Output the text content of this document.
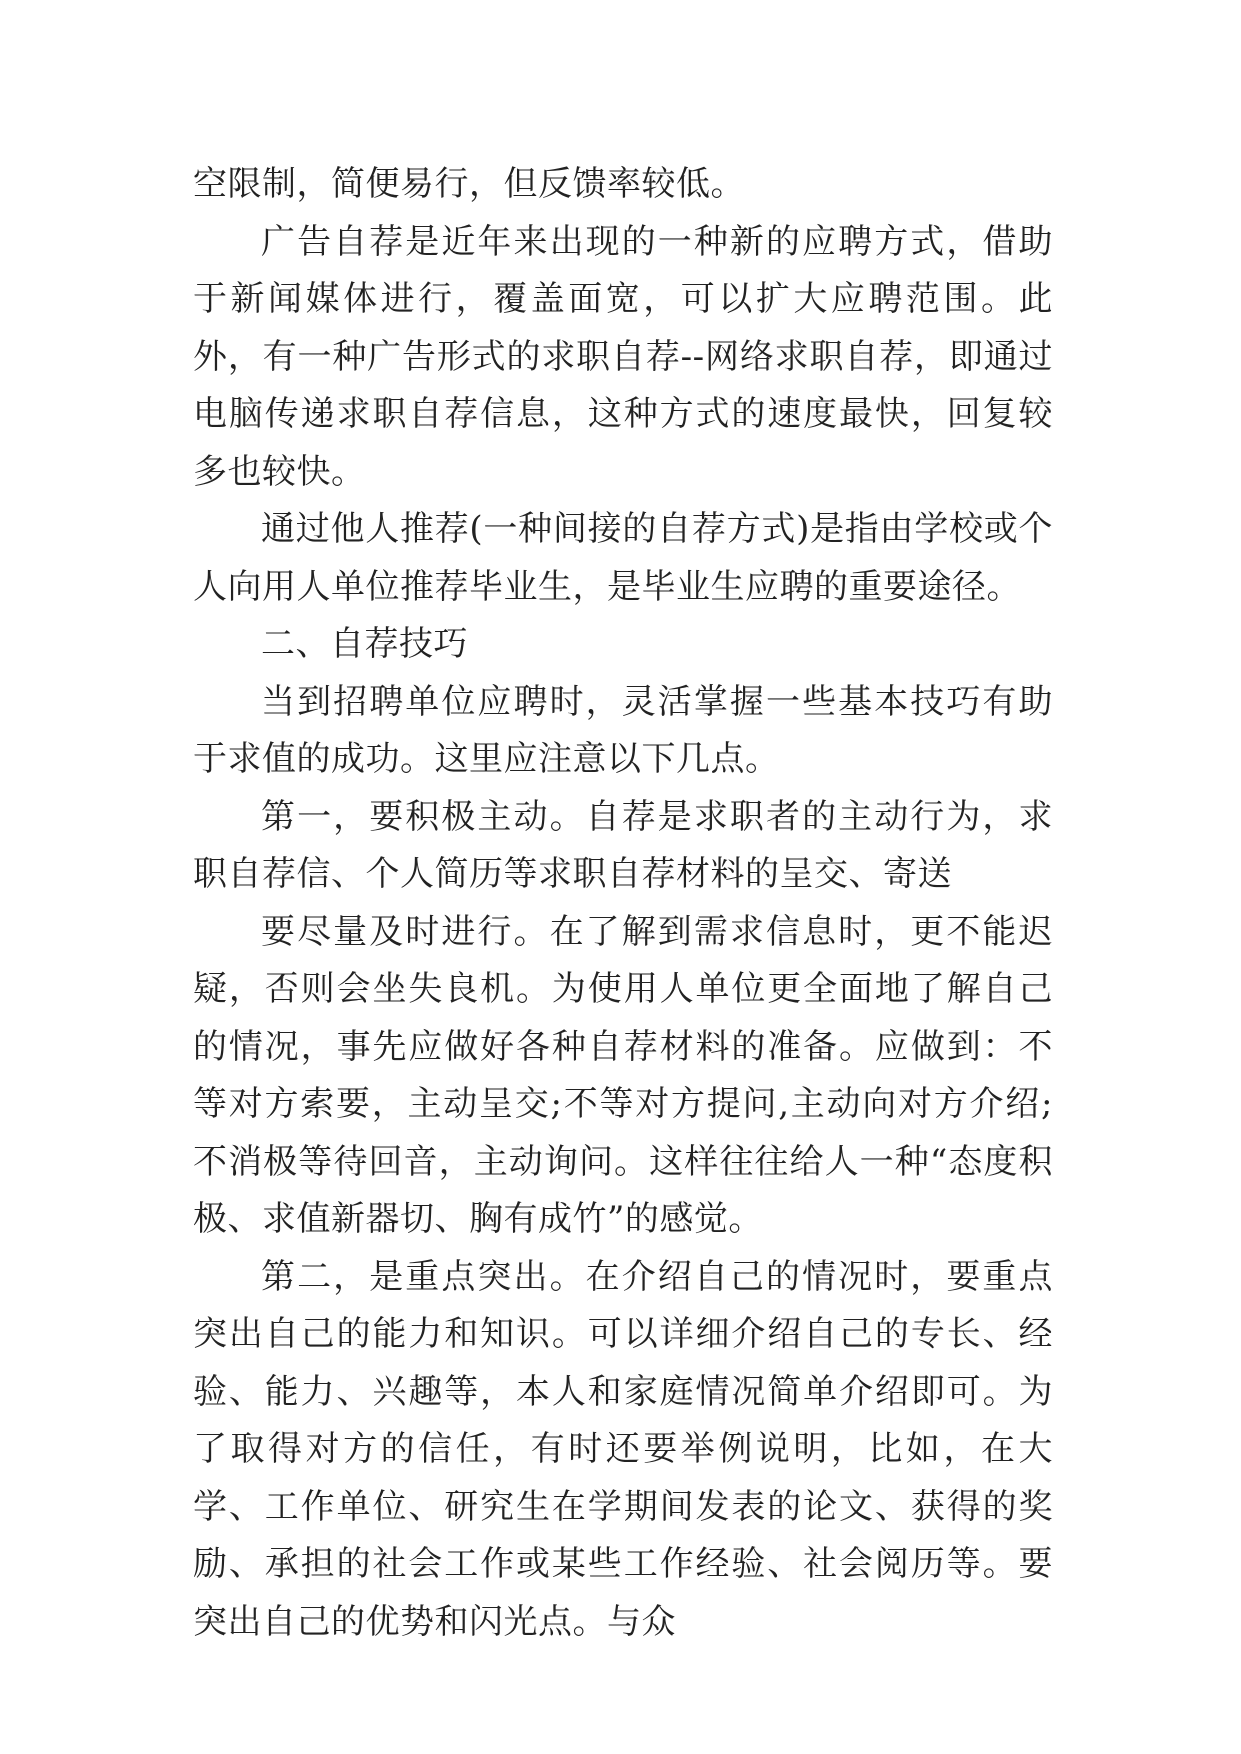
空限制，简便易行，但反馈率较低。

广告自荐是近年来出现的一种新的应聘方式，借助于新闻媒体进行，覆盖面宽，可以扩大应聘范围。此外，有一种广告形式的求职自荐--网络求职自荐，即通过电脑传递求职自荐信息，这种方式的速度最快，回复较多也较快。

通过他人推荐(一种间接的自荐方式)是指由学校或个人向用人单位推荐毕业生，是毕业生应聘的重要途径。

二、自荐技巧

当到招聘单位应聘时，灵活掌握一些基本技巧有助于求值的成功。这里应注意以下几点。

第一，要积极主动。自荐是求职者的主动行为，求职自荐信、个人简历等求职自荐材料的呈交、寄送

要尽量及时进行。在了解到需求信息时，更不能迟疑，否则会坐失良机。为使用人单位更全面地了解自己的情况，事先应做好各种自荐材料的准备。应做到：不等对方索要，主动呈交;不等对方提问,主动向对方介绍;不消极等待回音，主动询问。这样往往给人一种“态度积极、求值新器切、胸有成竹”的感觉。

第二，是重点突出。在介绍自己的情况时，要重点突出自己的能力和知识。可以详细介绍自己的专长、经验、能力、兴趣等，本人和家庭情况简单介绍即可。为了取得对方的信任，有时还要举例说明，比如，在大学、工作单位、研究生在学期间发表的论文、获得的奖励、承担的社会工作或某些工作经验、社会阅历等。要突出自己的优势和闪光点。与众
